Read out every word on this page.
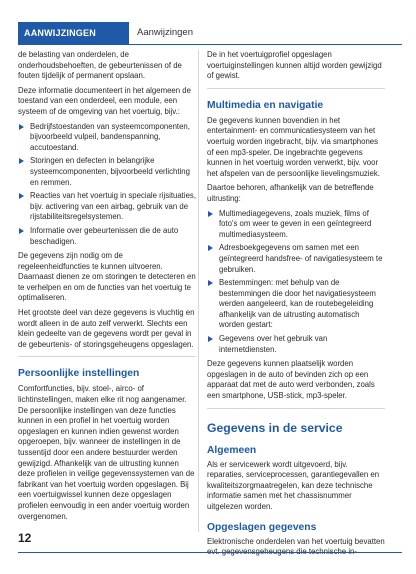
AANWIJZINGEN	Aanwijzingen

de belasting van onderdelen, de onderhoudsbehoeften, de gebeurtenissen of de fouten tijdelijk of permanent opslaan.

Deze informatie documenteert in het algemeen de toestand van een onderdeel, een module, een systeem of de omgeving van het voertuig, bijv.:

Bedrijfstoestanden van systeemcomponenten, bijvoorbeeld vulpeil, bandenspanning, accutoestand.
Storingen en defecten in belangrijke systeemcomponenten, bijvoorbeeld verlichting en remmen.
Reacties van het voertuig in speciale rijsituaties, bijv. activering van een airbag, gebruik van de rijstabiliteitsregelsystemen.
Informatie over gebeurtenissen die de auto beschadigen.

De gegevens zijn nodig om de regeleenheidfuncties te kunnen uitvoeren. Daarnaast dienen ze om storingen te detecteren en te verhelpen en om de functies van het voertuig te optimaliseren.

Het grootste deel van deze gegevens is vluchtig en wordt alleen in de auto zelf verwerkt. Slechts een klein gedeelte van de gegevens wordt per geval in de gebeurtenis- of storingsgeheugens opgeslagen.

Persoonlijke instellingen

Comfortfuncties, bijv. stoel-, airco- of lichtinstellingen, maken elke rit nog aangenamer. De persoonlijke instellingen van deze functies kunnen in een profiel in het voertuig worden opgeslagen en kunnen indien gewenst worden opgeroepen, bijv. wanneer de instellingen in de tussentijd door een andere bestuurder werden gewijzigd. Afhankelijk van de uitrusting kunnen deze profielen in veilige gegevenssystemen van de fabrikant van het voertuig worden opgeslagen. Bij een voertuigwissel kunnen deze opgeslagen profielen eenvoudig in een ander voertuig worden overgenomen.

De in het voertuigprofiel opgeslagen voertuiginstellingen kunnen altijd worden gewijzigd of gewist.

Multimedia en navigatie

De gegevens kunnen bovendien in het entertainment- en communicatiesysteem van het voertuig worden ingebracht, bijv. via smartphones of een mp3-speler. De ingebrachte gegevens kunnen in het voertuig worden verwerkt, bijv. voor het afspelen van de persoonlijke lievelingsmuziek.

Daartoe behoren, afhankelijk van de betreffende uitrusting:

Multimediagegevens, zoals muziek, films of foto's om weer te geven in een geïntegreerd multimediasysteem.
Adresboekgegevens om samen met een geïntegreerd handsfree- of navigatiesysteem te gebruiken.
Bestemmingen: met behulp van de bestemmingen die door het navigatiesysteem werden aangeleerd, kan de routebegeleiding afhankelijk van de uitrusting automatisch worden gestart:
Gegevens over het gebruik van internetdiensten.

Deze gegevens kunnen plaatselijk worden opgeslagen in de auto of bevinden zich op een apparaat dat met de auto werd verbonden, zoals een smartphone, USB-stick, mp3-speler.

Gegevens in de service
Algemeen

Als er servicewerk wordt uitgevoerd, bijv. reparaties, serviceprocessen, garantiegevallen en kwaliteitszorgmaatregelen, kan deze technische informatie samen met het chassisnummer uitgelezen worden.

Opgeslagen gegevens

Elektronische onderdelen van het voertuig bevatten

12
